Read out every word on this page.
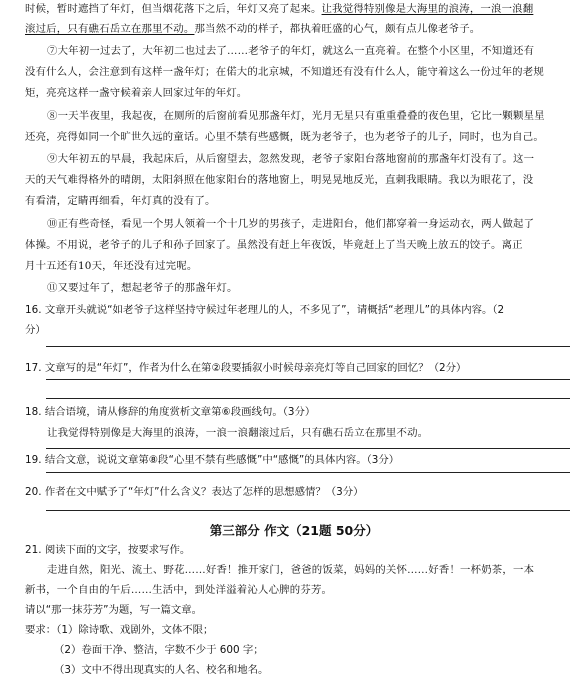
时候，暂时遮挡了年灯，但当烟花落下之后，年灯又亮了起来。让我觉得特别像是大海里的浪涛，一浪一浪翻
滚过后，只有礁石岳立在那里不动。那当然不动的样子，都执着旺盛的心气，颇有点儿像老爷子。
⑦大年初一过去了，大年初二也过去了……老爷子的年灯，就这么一直亮着。在整个小区里，不知道还有
没有什么人，会注意到有这样一盏年灯；在偌大的北京城，不知道还有没有什么人，能守着这么一份过年的老规
矩，亮亮这样一盏守候着亲人回家过年的年灯。
⑧一天半夜里，我起夜，在厕所的后窗前看见那盏年灯，光月无星只有重重叠叠的夜色里，它比一颗颗星星
还亮，亮得如同一个旷世久远的童话。心里不禁有些感慨，既为老爷子，也为老爷子的儿子，同时，也为自己。
⑨大年初五的早晨，我起床后，从后窗望去，忽然发现，老爷子家阳台落地窗前的那盏年灯没有了。这一
天的天气难得格外的晴朗，太阳斜照在他家阳台的落地窗上，明晃晃地反光，直刺我眼睛。我以为眼花了，没
有看清，定睛再细看，年灯真的没有了。
⑩正有些奇怪，看见一个男人领着一个十几岁的男孩子，走进阳台，他们都穿着一身运动衣，两人做起了
体操。不用说，老爷子的儿子和孙子回家了。虽然没有赶上年夜饭，毕竟赶上了当天晚上放五的饺子。离正
月十五还有10天，年还没有过完呢。
⑪又要过年了，想起老爷子的那盏年灯。
16. 文章开头就说“如老爷子这样坚持守候过年老理儿的人，不多见了”，请概括“老理儿”的具体内容。（2
分）
17. 文章写的是“年灯”，作者为什么在第②段要插叙小时候母亲亮灯等自己回家的回忆？（2分）
18. 结合语境，请从修辞的角度赏析文章第⑥段画线句。（3分）
让我觉得特别像是大海里的浪涛，一浪一浪翻滚过后，只有礁石岳立在那里不动。
19. 结合文意，说说文章第⑧段“心里不禁有些感慨”中“感慨”的具体内容。（3分）
20. 作者在文中赋予了“年灯”什么含义？表达了怎样的思想感情？（3分）
第三部分 作文（21题 50分）
21. 阅读下面的文字，按要求写作。
走进自然，阳光、流土、野花……好香！推开家门，爸爸的饭菜，妈妈的关怀……好香！一杯奶茶，一本
新书，一个自由的午后……生活中，到处洋溢着沁人心脾的芬芳。
请以“那一抹芬芳”为题，写一篇文章。
要求：（1）除诗歌、戏剧外，文体不限；
（2）卷面干净、整洁，字数不少于 600 字；
（3）文中不得出现真实的人名、校名和地名。
